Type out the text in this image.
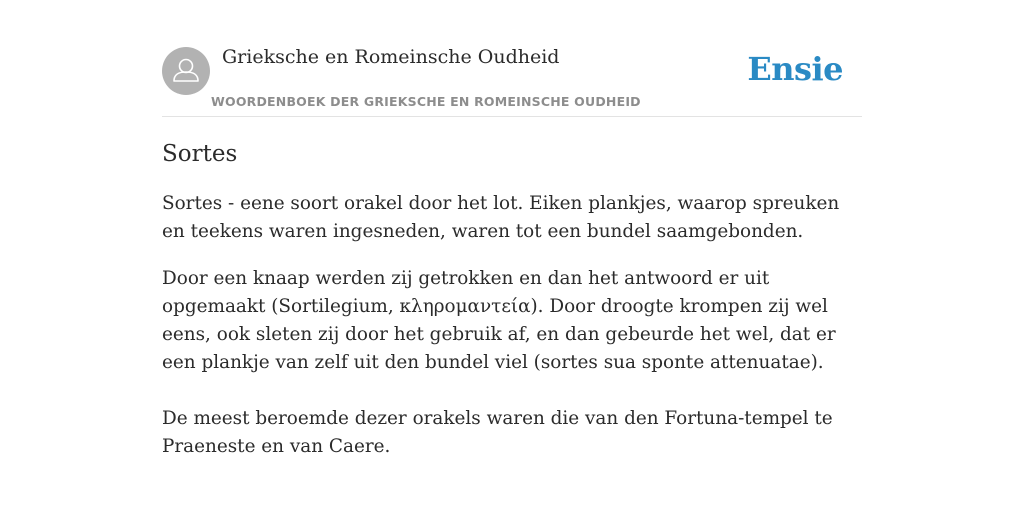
Grieksche en Romeinsche Oudheid
WOORDENBOEK DER GRIEKSCHE EN ROMEINSCHE OUDHEID
Ensie
Sortes

Sortes - eene soort orakel door het lot. Eiken plankjes, waarop spreuken en teekens waren ingesneden, waren tot een bundel saamgebonden.

Door een knaap werden zij getrokken en dan het antwoord er uit opgemaakt (Sortilegium, κληρομαντεία). Door droogte krompen zij wel eens, ook sleten zij door het gebruik af, en dan gebeurde het wel, dat er een plankje van zelf uit den bundel viel (sortes sua sponte attenuatae).

De meest beroemde dezer orakels waren die van den Fortuna-tempel te Praeneste en van Caere.
